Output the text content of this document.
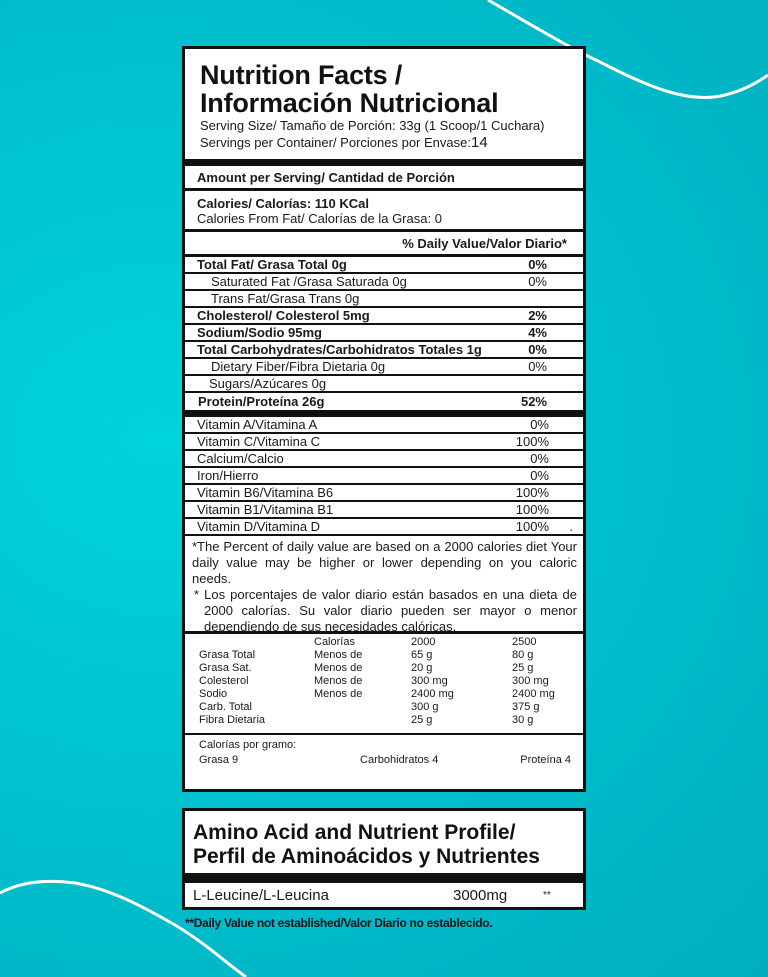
Nutrition Facts /
Información Nutricional
Serving Size/ Tamaño de Porción: 33g (1 Scoop/1 Cuchara)
Servings per Container/ Porciones por Envase:14
Amount per Serving/ Cantidad de Porción
Calories/ Calorías: 110 KCal
Calories From Fat/ Calorías de la Grasa: 0
% Daily Value/Valor Diario*
Total Fat/ Grasa Total 0g	0%
Saturated Fat /Grasa Saturada 0g	0%
Trans Fat/Grasa Trans 0g
Cholesterol/ Colesterol 5mg	2%
Sodium/Sodio 95mg	4%
Total Carbohydrates/Carbohidratos Totales 1g	0%
Dietary Fiber/Fibra Dietaria 0g	0%
Sugars/Azúcares 0g
Protein/Proteína 26g	52%
Vitamin A/Vitamina A	0%
Vitamin C/Vitamina C	100%
Calcium/Calcio	0%
Iron/Hierro	0%
Vitamin B6/Vitamina B6	100%
Vitamin B1/Vitamina B1	100%
Vitamin D/Vitamina D	100% .
*The Percent of daily value are based on a 2000 calories diet Your daily value may be higher or lower depending on you caloric needs.
* Los porcentajes de valor diario están basados en una dieta de 2000 calorías. Su valor diario pueden ser mayor o menor dependiendo de sus necesidades calóricas.
	Calorías	2000	2500
Grasa Total	Menos de	65 g	80 g
Grasa Sat.	Menos de	20 g	25 g
Colesterol	Menos de	300 mg	300 mg
Sodio	Menos de	2400 mg	2400 mg
Carb. Total		300 g	375 g
Fibra Dietaria		25 g	30 g
Calorías por gramo:
Grasa 9	Carbohidratos 4	Proteína 4
Amino Acid and Nutrient Profile/
Perfil de Aminoácidos y Nutrientes
L-Leucine/L-Leucina	3000mg	**
**Daily Value not established/Valor Diario no establecido.
